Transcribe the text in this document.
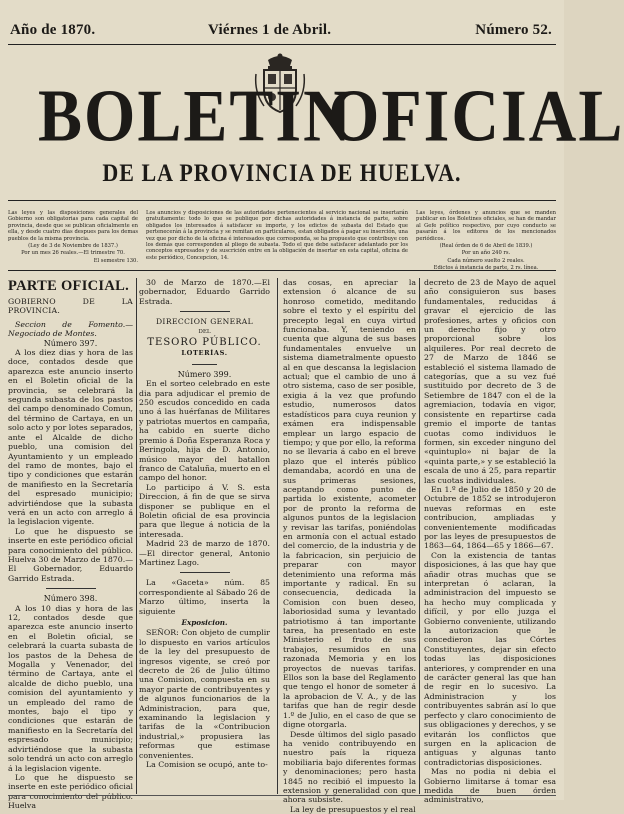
Año de 1870.	Viérnes 1 de Abril.	Número 52.
BOLETIN
OFICIAL
DE LA PROVINCIA DE HUELVA.
Las leyes y las disposiciones generales del Gobierno son obligatorias para cada capital de provincia, desde que se publican oficialmente en ella, y desde cuatro dias despues para los demas pueblos de la misma provincia.
(Ley de 3 de Noviembre de 1837.)
Por un mes 26 reales.—El trimestre 70.
El semestre 130.
Los anuncios y disposiciones de las autoridades pertenecientes al servicio nacional se insertarán gratuitamente: todo lo que se publique por dichas autoridades á instancia de parte, sobre obligados los interesados á satisfacer su importe, y los edictos de subasta del Estado que pertenecerán á la provincia y se remitan en particulares, estan obligados á pagar su inserción, una vez que por dicho de la oficina é interesados que corresponda, se ha propuesto que contribuye con los demás que corresponden al pliego de subasta. Todo el que debe satisfacer adelantado por los conceptos expresados y de suscrición entre en la obligación de insertar en esta capital, oficina de este periódico, Concepcion, 14.
Las leyes, órdenes y anuncios que se manden publicar en los Boletines oficiales, se han de mandar al Gefe político respectivo, por cuyo conducto se pasarán á los editores de los mencionados periódicos.
(Real órden de 6 de Abril de 1839.)
Por un año 240 rs.
Cada número suelto 2 reales.
Edictos á instancia de parte, 2 rs. línea.
PARTE OFICIAL.
GOBIERNO DE LA PROVINCIA.

Seccion de Fomento.—Negociado de Montes.

Número 397.

A los diez dias y hora de las doce, contados desde que aparezca este anuncio inserto en el Boletin oficial de la provincia, se celebrará la segunda subasta de los pastos del campo denominado Comun, del término de Cartaya, en un solo acto y por lotes separados, ante el Alcalde de dicho pueblo, una comision del Ayuntamiento y un empleado del ramo de montes, bajo el tipo y condiciones que estarán de manifiesto en la Secretaría del espresado municipio; advirtiéndose que la subasta verá en un acto con arreglo á la legislacion vigente.

Lo que he dispuesto se inserte en este periódico oficial para conocimiento del público. Huelva 30 de Marzo de 1870.—El Gobernador, Eduardo Garrido Estrada.

Número 398.

A los 10 dias y hora de las 12, contados desde que aparezca este anuncio inserto en el Boletin oficial, se celebrará la cuarta subasta de los pastos de la Dehesa de Mogalla y Venenador, del término de Cartaya, ante el alcalde de dicho pueblo, una comision del ayuntamiento y un empleado del ramo de montes, bajo el tipo y condiciones que estarán de manifiesto en la Secretaría del espresado municipio; advirtiéndose que la subasta solo tendrá un acto con arreglo á la legislacion vigente.

Lo que he dispuesto se inserte en este periódico oficial para conocimiento del público. Huelva

30 de Marzo de 1870.—El gobernador, Eduardo Garrido Estrada.

DIRECCION GENERAL
DEL
TESORO PÚBLICO.
LOTERÍAS.

Número 399.

En el sorteo celebrado en este dia para adjudicar el premio de 250 escudos concedido en cada uno á las huérfanas de Militares y patriotas muertos en campaña, ha cabido en suerte dicho premio á Doña Esperanza Roca y Beringola, hija de D. Antonio, músico mayor del batallon franco de Cataluña, muerto en el campo del honor.

Lo participo á V. S. esta Direccion, á fin de que se sirva disponer se publique en el Boletin oficial de esa provincia para que llegue á noticia de la interesada.

Madrid 23 de marzo de 1870.—El director general, Antonio Martinez Lago.

La «Gaceta» núm. 85 correspondiente al Sábado 26 de Marzo último, inserta la siguiente

Exposicion.

SEÑOR: Con objeto de cumplir lo dispuesto en varios artículos de la ley del presupuesto de ingresos vigente, se creó por decreto de 26 de Julio último una Comision, compuesta en su mayor parte de contribuyentes y de algunos funcionarios de la Administracion, para que, examinando la legislacion y tarifas de la «Contribucion industrial,» propusiera las reformas que estimase convenientes.

La Comision se ocupó, ante to-

das cosas, en apreciar la extension ó alcance de su honroso cometido, meditando sobre el texto y el espíritu del precepto legal en cuya virtud funcionaba. Y, teniendo en cuenta que alguna de sus bases fundamentales envuelve un sistema diametralmente opuesto al en que descansa la legislacion actual; que el cambio de uno á otro sistema, caso de ser posible, exigia á la vez que profundo estudio, numerosos datos estadísticos para cuya reunion y exámen era indispensable emplear un largo espacio de tiempo; y que por ello, la reforma no se llevaria á cabo en el breve plazo que el interés público demandaba, acordó en una de sus primeras sesiones, aceptando como punto de partida lo existente, acometer por de pronto la reforma de algunos puntos de la legislacion y revisar las tarifas, poniéndolas en armonía con el actual estado del comercio, de la industria y de la fabricacion, sin perjuicio de preparar con mayor detenimiento una reforma más importante y radical. En su consecuencia, dedicada la Comision con buen deseo, laboriosidad suma y levantado patriotismo á tan importante tarea, ha presentado en este Ministerio el fruto de sus trabajos, resumidos en una razonada Memoria y en los proyectos de nuevas tarifas. Ellos son la base del Reglamento que tengo el honor de someter á la aprobacion de V. A., y de las tarifas que han de regir desde 1.º de Julio, en el caso de que se digne otorgarla.

Desde últimos del siglo pasado ha venido contribuyendo en nuestro país la riqueza mobiliaria bajo diferentes formas y denominaciones; pero hasta 1845 no recibió el impuesto la extension y generalidad con que ahora subsiste.

La ley de presupuestos y el real

decreto de 23 de Mayo de aquel año consiguieron sus bases fundamentales, reducidas á gravar el ejercicio de las profesiones, artes y oficios con un derecho fijo y otro proporcional sobre los alquileres. Por real decreto de 27 de Marzo de 1846 se estableció el sistema llamado de categorías, que a su vez fué sustituido por decreto de 3 de Setiembre de 1847 con el de la agremiacion, todavía en vigor, consistente en repartirse cada gremio el importe de tantas cuotas como individuos le formen, sin exceder ninguno del «quintuplo» ni bajar de la «quinta parte,» y se estableció la escala de uno á 25, para repartir las cuotas individuales.

En 1.º de Julio de 1850 y 20 de Octubre de 1852 se introdujeron nuevas reformas en este contribucion, ampliadas y convenientemente modificadas por las leyes de presupuestos de 1863—64, 1864—65 y 1866—67.

Con la existencia de tantas disposiciones, á las que hay que añadir otras muchas que se interpretan ó aclaran, la administracion del impuesto se ha hecho muy complicada y difícil, y por ello juzga el Gobierno conveniente, utilizando la autorizacion que le concedieron las Córtes Constituyentes, dejar sin efecto todas las disposiciones anteriores, y comprender en una de carácter general las que han de regir en lo sucesivo. La Administracion y los contribuyentes sabrán así lo que perfecto y claro conocimiento de sus obligaciones y derechos, y se evitarán los conflictos que surgen en la aplicacion de antiguas y algunas tanto contradictorias disposiciones.

Mas no podia ni debia el Gobierno limitarse á tomar esa medida de buen órden administrativo,
